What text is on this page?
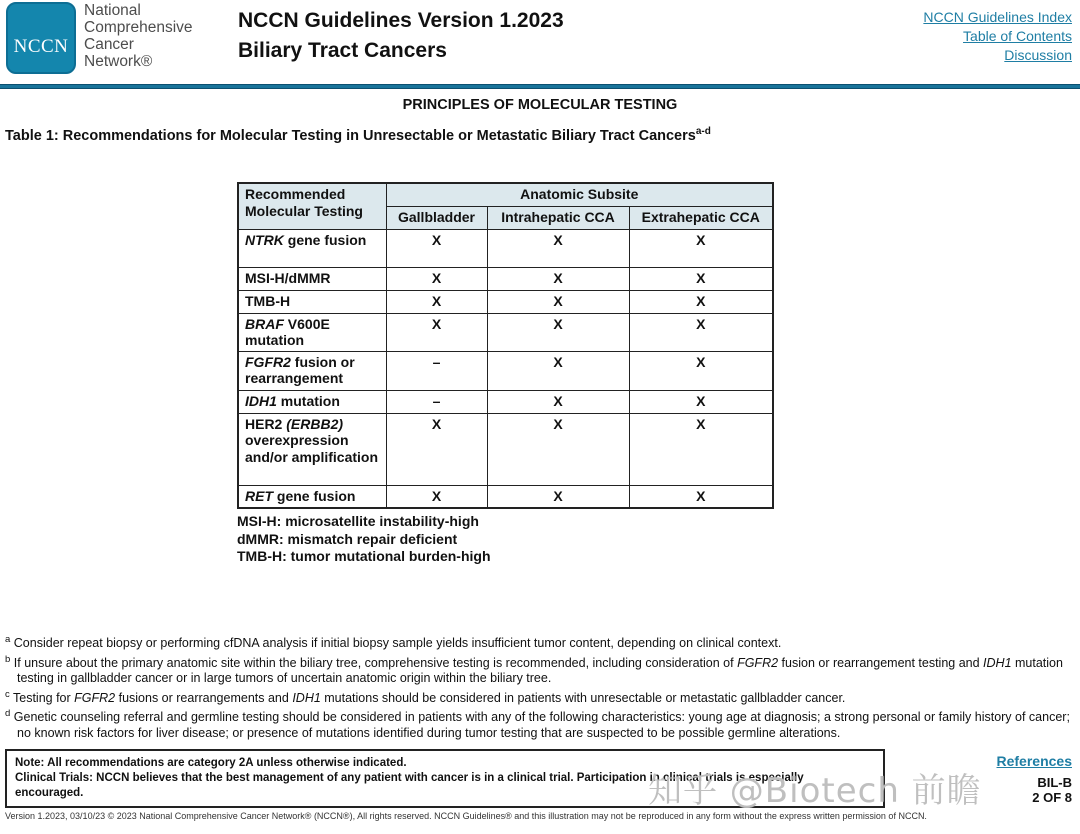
NCCN
National
Comprehensive
Cancer
Network®
NCCN Guidelines Version 1.2023
Biliary Tract Cancers
NCCN Guidelines Index
Table of Contents
Discussion
PRINCIPLES OF MOLECULAR TESTING
Table 1: Recommendations for Molecular Testing in Unresectable or Metastatic Biliary Tract Cancers$^{a-d}$
Recommended Molecular Testing	Anatomic Subsite		
	Gallbladder	Intrahepatic CCA	Extrahepatic CCA
NTRK gene fusion	X	X	X
MSI-H/dMMR	X	X	X
TMB-H	X	X	X
BRAF V600E mutation	X	X	X
FGFR2 fusion or rearrangement	–	X	X
IDH1 mutation	–	X	X
HER2 (ERBB2) overexpression and/or amplification	X	X	X
RET gene fusion	X	X	X
MSI-H: microsatellite instability-high
dMMR: mismatch repair deficient
TMB-H: tumor mutational burden-high
$^a$ Consider repeat biopsy or performing cfDNA analysis if initial biopsy sample yields insufficient tumor content, depending on clinical context.
$^b$ If unsure about the primary anatomic site within the biliary tree, comprehensive testing is recommended, including consideration of FGFR2 fusion or rearrangement testing and IDH1 mutation testing in gallbladder cancer or in large tumors of uncertain anatomic origin within the biliary tree.
$^c$ Testing for FGFR2 fusions or rearrangements and IDH1 mutations should be considered in patients with unresectable or metastatic gallbladder cancer.
$^d$ Genetic counseling referral and germline testing should be considered in patients with any of the following characteristics: young age at diagnosis; a strong personal or family history of cancer; no known risk factors for liver disease; or presence of mutations identified during tumor testing that are suspected to be possible germline alterations.
Note: All recommendations are category 2A unless otherwise indicated.
Clinical Trials: NCCN believes that the best management of any patient with cancer is in a clinical trial. Participation in clinical trials is especially encouraged.
References
BIL-B
2 OF 8
Version 1.2023, 03/10/23 © 2023 National Comprehensive Cancer Network® (NCCN®), All rights reserved. NCCN Guidelines® and this illustration may not be reproduced in any form without the express written permission of NCCN.
知乎 @Biotech 前瞻
